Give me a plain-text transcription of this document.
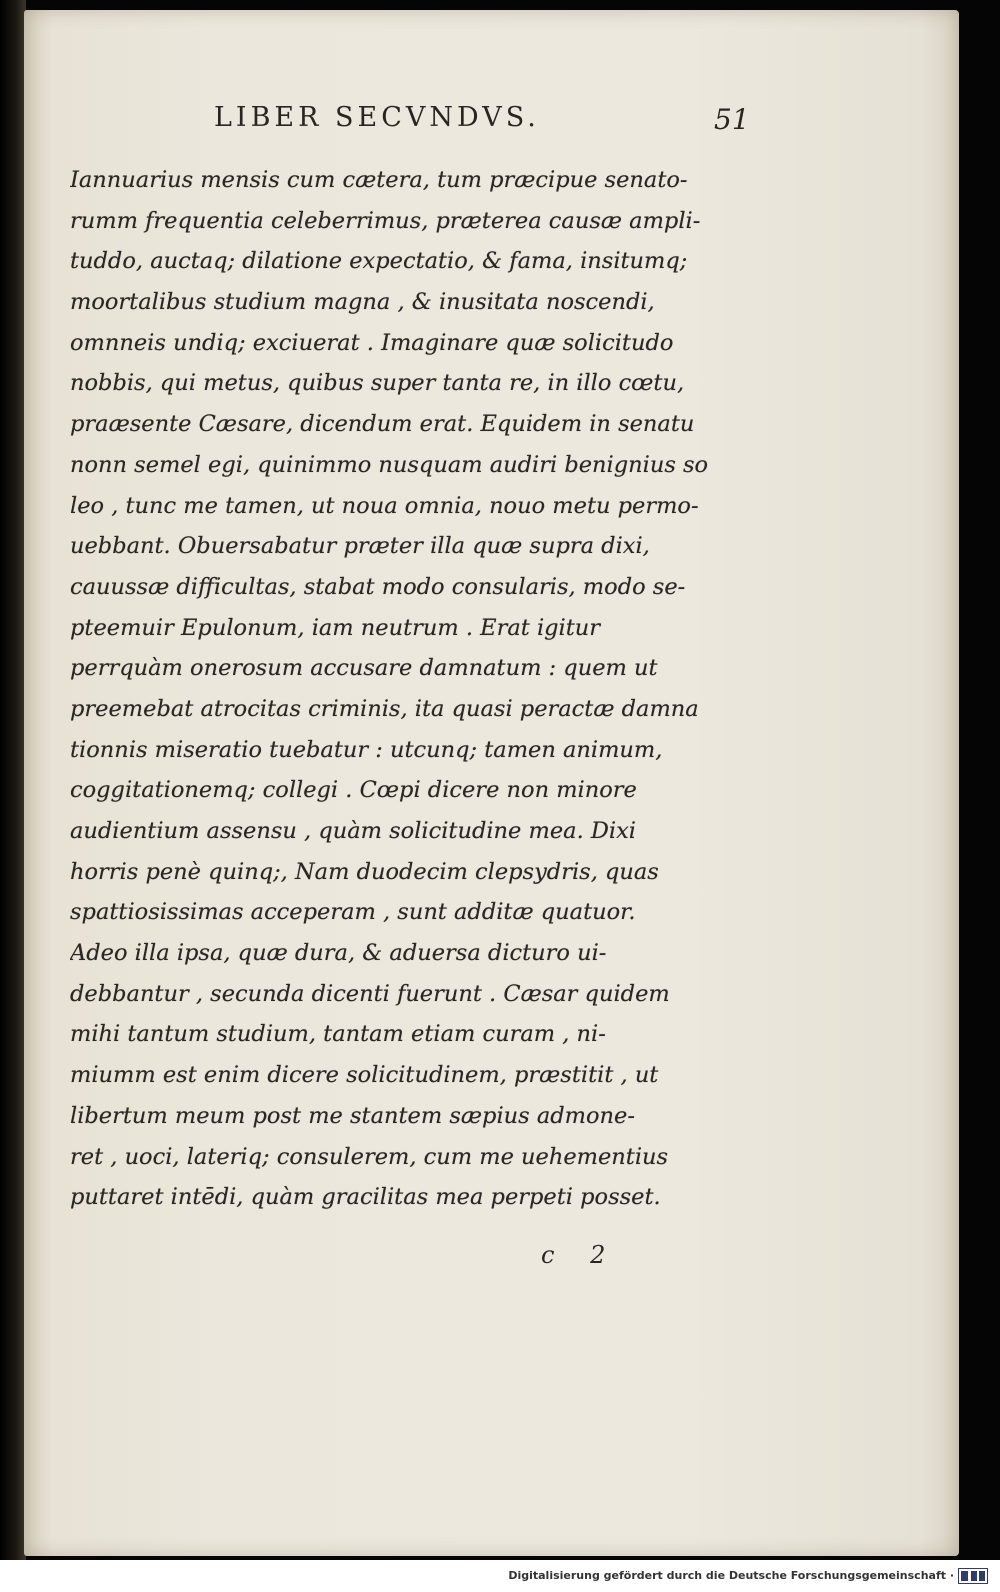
LIBER SECVNDVS.	51
Iannuarius mensis cum cætera, tum præcipue senato-
rumm frequentia celeberrimus, præterea causæ ampli-
tuddo, auctaq; dilatione expectatio, & fama, insitumq;
moortalibus studium magna , & inusitata noscendi,
omnneis undiq; exciuerat . Imaginare quæ solicitudo
nobbis, qui metus, quibus super tanta re, in illo cœtu,
praæsente Cæsare, dicendum erat. Equidem in senatu
nonn semel egi, quinimmo nusquam audiri benignius so
leo , tunc me tamen, ut noua omnia, nouo metu permo-
uebbant. Obuersabatur præter illa quæ supra dixi,
cauussæ difficultas, stabat modo consularis, modo se-
pteemuir Epulonum, iam neutrum . Erat igitur
perrquàm onerosum accusare damnatum : quem ut
preemebat atrocitas criminis, ita quasi peractæ damna
tionnis miseratio tuebatur : utcunq; tamen animum,
coggitationemq; collegi . Cœpi dicere non minore
audientium assensu , quàm solicitudine mea. Dixi
horris penè quinq;, Nam duodecim clepsydris, quas
spattiosissimas acceperam , sunt additæ quatuor.
Adeo illa ipsa, quæ dura, & aduersa dicturo ui-
debbantur , secunda dicenti fuerunt . Cæsar quidem
mihi tantum studium, tantam etiam curam , ni-
miumm est enim dicere solicitudinem, præstitit , ut
libertum meum post me stantem sæpius admone-
ret , uoci, lateriq; consulerem, cum me uehementius
puttaret intēdi, quàm gracilitas mea perpeti posset.
c 2
Digitalisierung gefördert durch die Deutsche Forschungsgemeinschaft ·
